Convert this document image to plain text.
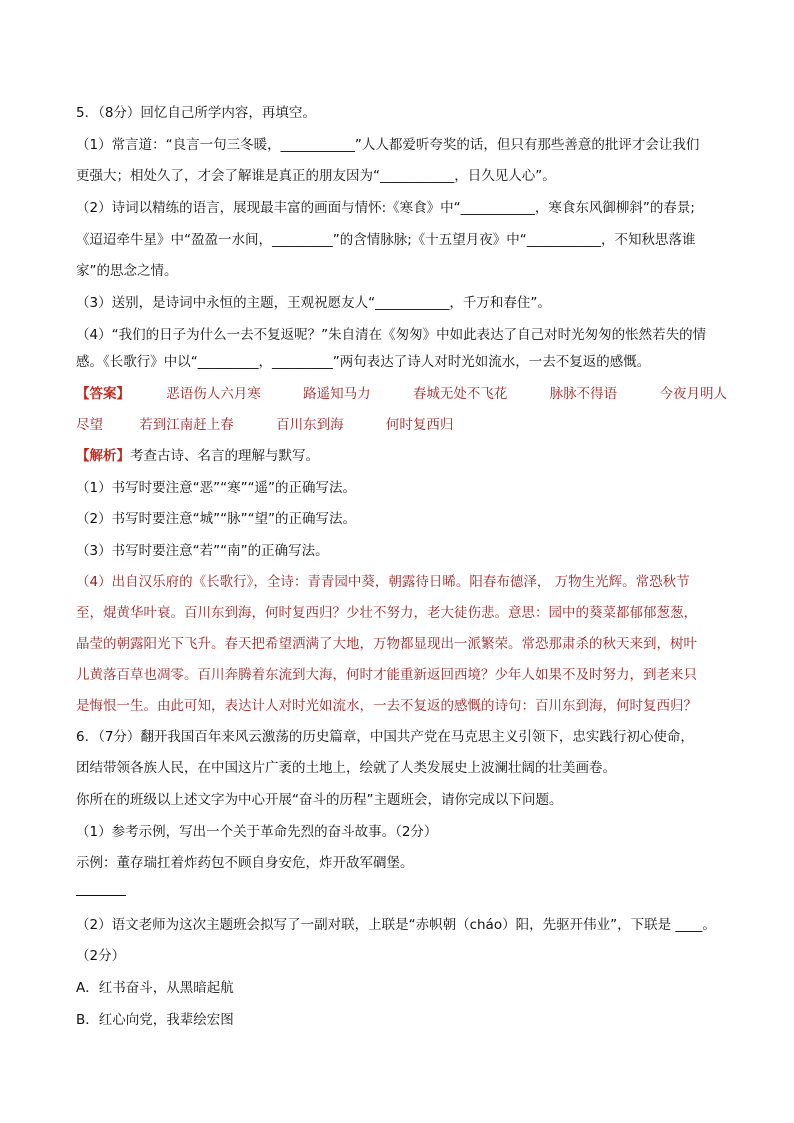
5．（8分）回忆自己所学内容，再填空。
（1）常言道：“良言一句三冬暖，___________”人人都爱听夸奖的话，但只有那些善意的批评才会让我们
更强大；相处久了，才会了解谁是真正的朋友因为“___________，日久见人心”。
（2）诗词以精练的语言，展现最丰富的画面与情怀:《寒食》中“___________，寒食东风御柳斜”的春景;
《迢迢牵牛星》中“盈盈一水间，_________”的含情脉脉;《十五望月夜》中“___________，不知秋思落谁
家”的思念之情。
（3）送别，是诗词中永恒的主题，王观祝愿友人“___________，千万和春住”。
（4）“我们的日子为什么一去不复返呢？”朱自清在《匆匆》中如此表达了自己对时光匆匆的怅然若失的情
感。《长歌行》中以“_________，_________”两句表达了诗人对时光如流水，一去不复返的感慨。
【答案】	恶语伤人六月寒	路遥知马力	春城无处不飞花	脉脉不得语	今夜月明人
尽望	若到江南赶上春	百川东到海	何时复西归
【解析】考查古诗、名言的理解与默写。
（1）书写时要注意“恶”“寒”“遥”的正确写法。
（2）书写时要注意“城”“脉”“望”的正确写法。
（3）书写时要注意“若”“南”的正确写法。
（4）出自汉乐府的《长歌行》，全诗：青青园中葵，朝露待日晞。阳春布德泽， 万物生光辉。常恐秋节
至，焜黄华叶衰。百川东到海，何时复西归？少壮不努力，老大徒伤悲。意思：园中的葵菜都郁郁葱葱，
晶莹的朝露阳光下飞升。春天把希望洒满了大地，万物都显现出一派繁荣。常恐那肃杀的秋天来到，树叶
儿黄落百草也凋零。百川奔腾着东流到大海，何时才能重新返回西境？少年人如果不及时努力，到老来只
是悔恨一生。由此可知，表达计人对时光如流水，一去不复返的感慨的诗句：百川东到海，何时复西归？
6．（7分）翻开我国百年来风云激荡的历史篇章，中国共产党在马克思主义引领下，忠实践行初心使命，
团结带领各族人民，在中国这片广袤的土地上，绘就了人类发展史上波澜壮阔的壮美画卷。
你所在的班级以上述文字为中心开展“奋斗的历程”主题班会，请你完成以下问题。
（1）参考示例，写出一个关于革命先烈的奋斗故事。（2分）
示例：董存瑞扛着炸药包不顾自身安危，炸开敌军碉堡。
（2）语文老师为这次主题班会拟写了一副对联，上联是“赤帜朝（cháo）阳，先驱开伟业”，下联是 ____。
（2分）
A．红书奋斗，从黑暗起航
B．红心向党，我辈绘宏图
